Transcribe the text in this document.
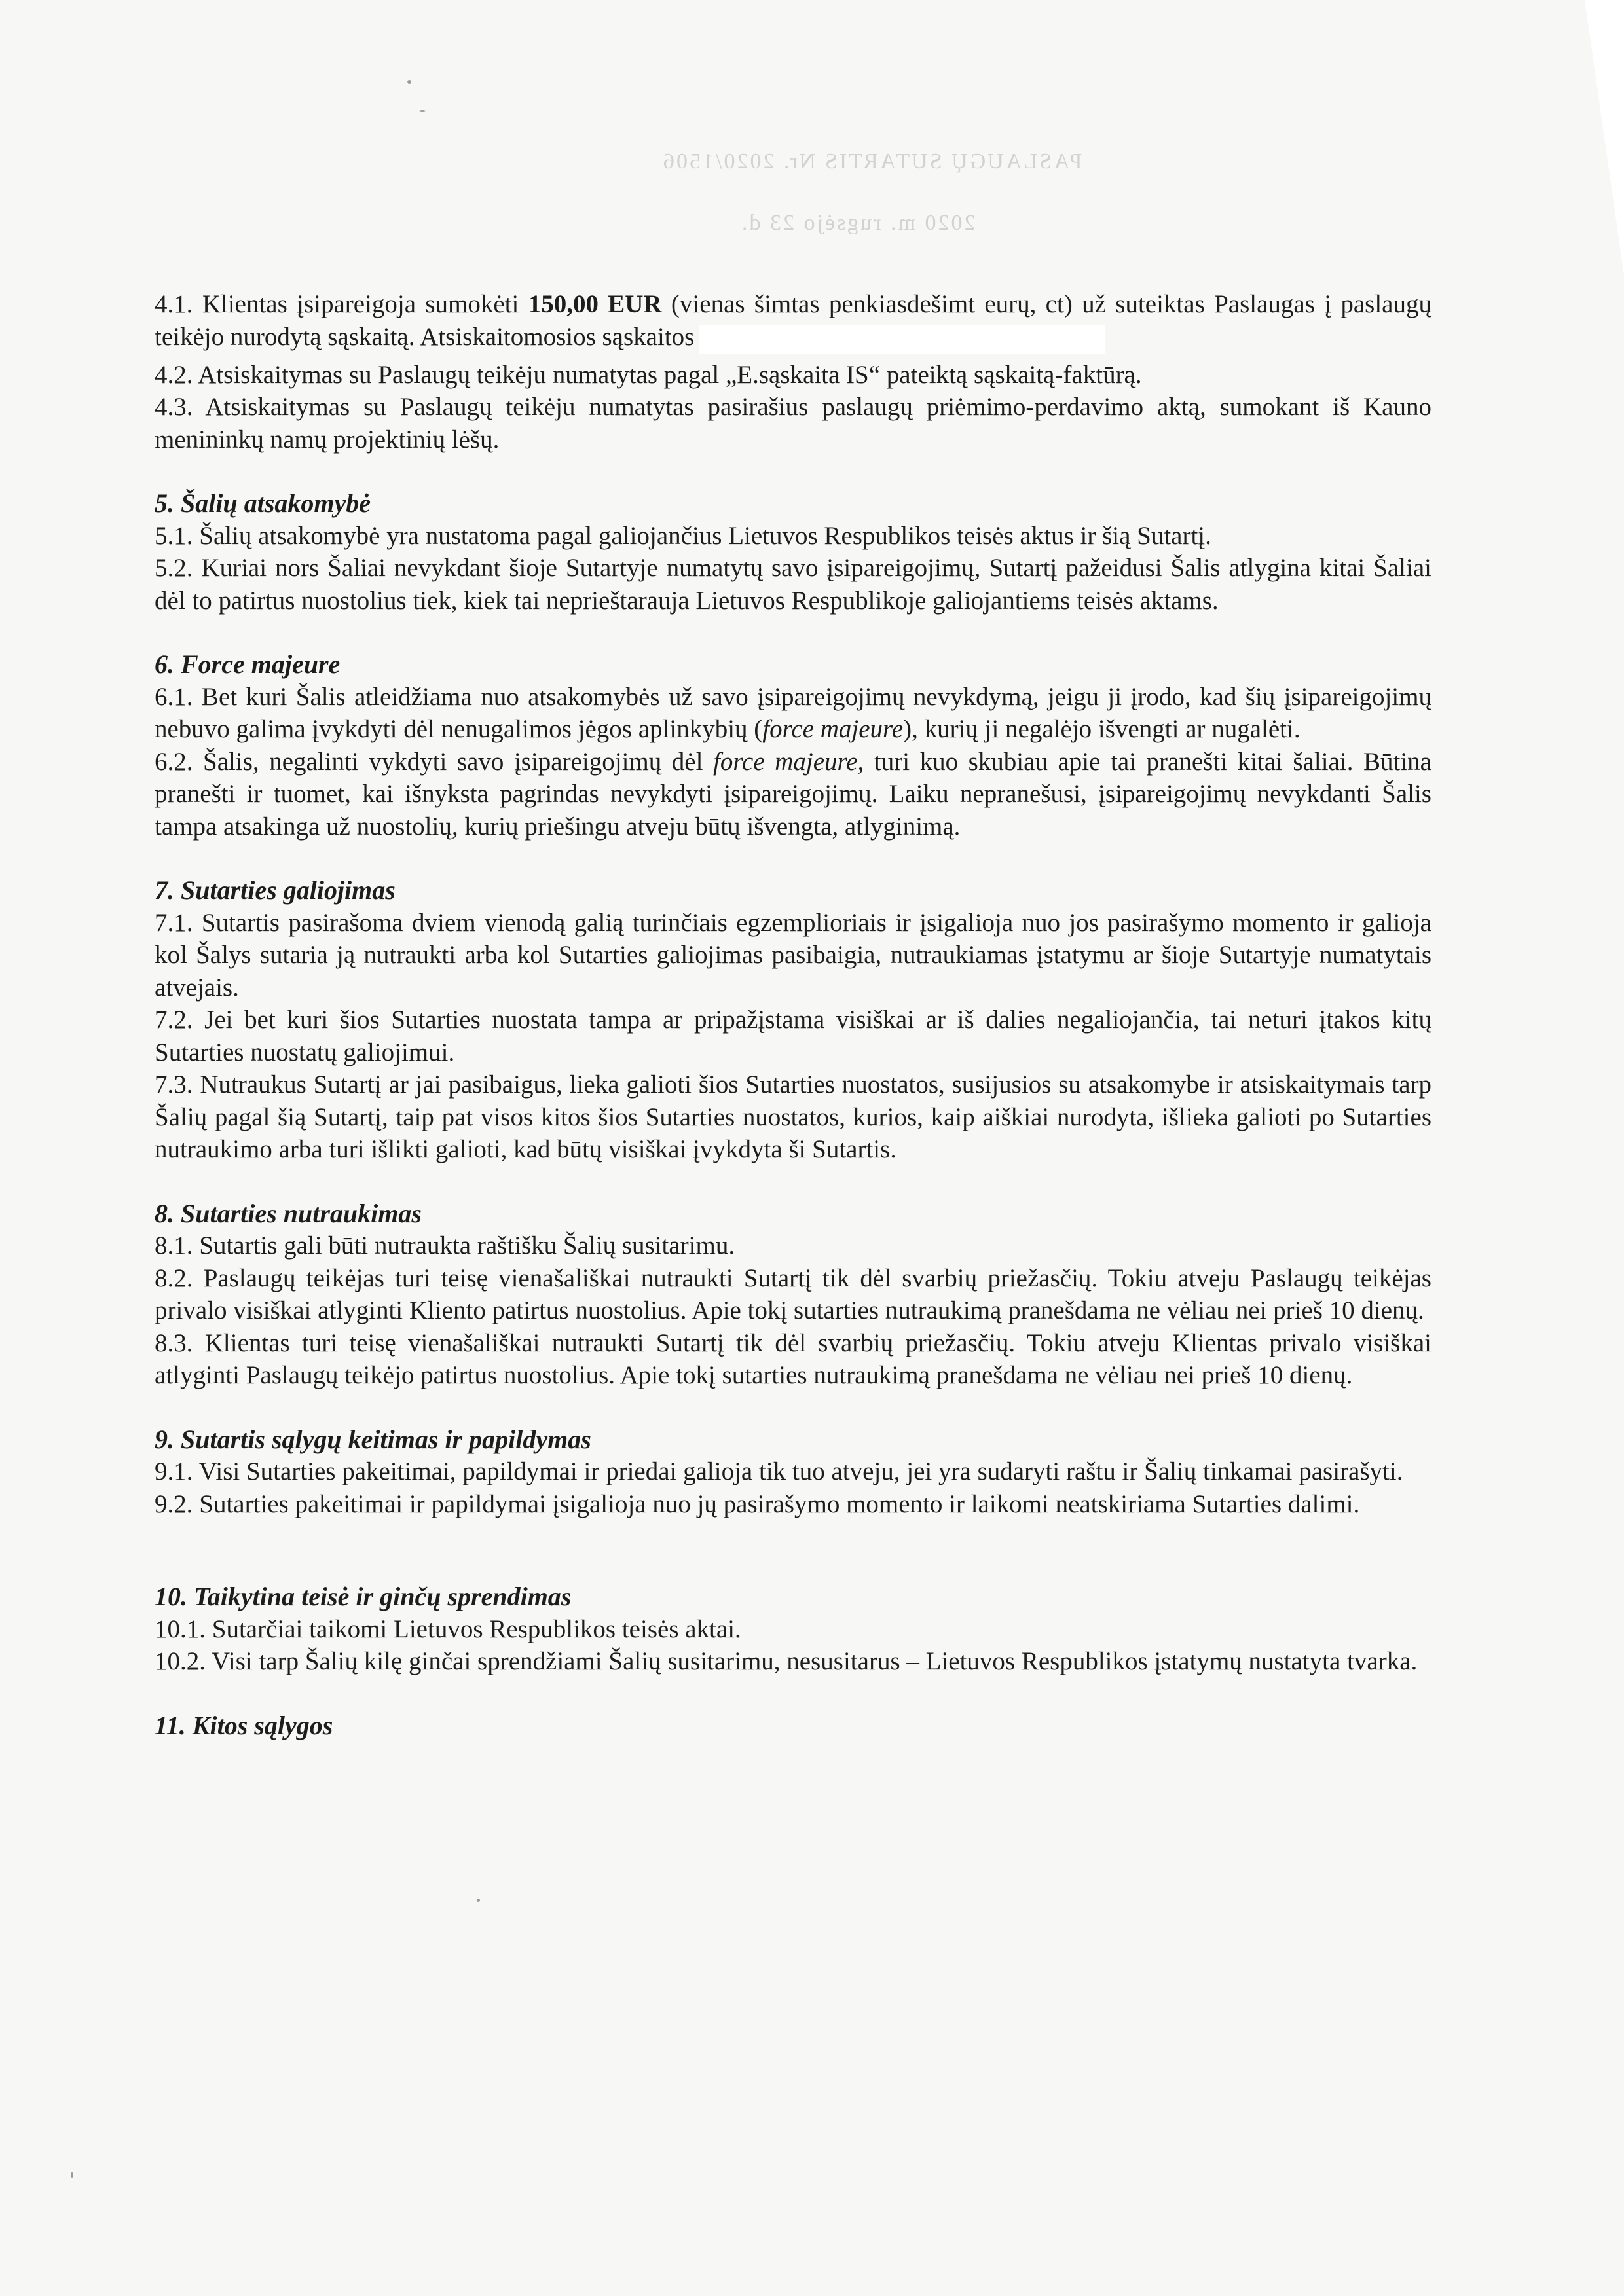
PASLAUGŲ SUTARTIS Nr. 2020/1506
2020 m. rugsėjo 23 d.

4.1. Klientas įsipareigoja sumokėti 150,00 EUR (vienas šimtas penkiasdešimt eurų, ct) už suteiktas Paslaugas į paslaugų teikėjo nurodytą sąskaitą. Atsiskaitomosios sąskaitos

4.2. Atsiskaitymas su Paslaugų teikėju numatytas pagal „E.sąskaita IS“ pateiktą sąskaitą-faktūrą.

4.3. Atsiskaitymas su Paslaugų teikėju numatytas pasirašius paslaugų priėmimo-perdavimo aktą, sumokant iš Kauno menininkų namų projektinių lėšų.

5. Šalių atsakomybė

5.1. Šalių atsakomybė yra nustatoma pagal galiojančius Lietuvos Respublikos teisės aktus ir šią Sutartį.

5.2. Kuriai nors Šaliai nevykdant šioje Sutartyje numatytų savo įsipareigojimų, Sutartį pažeidusi Šalis atlygina kitai Šaliai dėl to patirtus nuostolius tiek, kiek tai neprieštarauja Lietuvos Respublikoje galiojantiems teisės aktams.

6. Force majeure

6.1. Bet kuri Šalis atleidžiama nuo atsakomybės už savo įsipareigojimų nevykdymą, jeigu ji įrodo, kad šių įsipareigojimų nebuvo galima įvykdyti dėl nenugalimos jėgos aplinkybių (force majeure), kurių ji negalėjo išvengti ar nugalėti.

6.2. Šalis, negalinti vykdyti savo įsipareigojimų dėl force majeure, turi kuo skubiau apie tai pranešti kitai šaliai. Būtina pranešti ir tuomet, kai išnyksta pagrindas nevykdyti įsipareigojimų. Laiku nepranešusi, įsipareigojimų nevykdanti Šalis tampa atsakinga už nuostolių, kurių priešingu atveju būtų išvengta, atlyginimą.

7. Sutarties galiojimas

7.1. Sutartis pasirašoma dviem vienodą galią turinčiais egzemplioriais ir įsigalioja nuo jos pasirašymo momento ir galioja kol Šalys sutaria ją nutraukti arba kol Sutarties galiojimas pasibaigia, nutraukiamas įstatymu ar šioje Sutartyje numatytais atvejais.

7.2. Jei bet kuri šios Sutarties nuostata tampa ar pripažįstama visiškai ar iš dalies negaliojančia, tai neturi įtakos kitų Sutarties nuostatų galiojimui.

7.3. Nutraukus Sutartį ar jai pasibaigus, lieka galioti šios Sutarties nuostatos, susijusios su atsakomybe ir atsiskaitymais tarp Šalių pagal šią Sutartį, taip pat visos kitos šios Sutarties nuostatos, kurios, kaip aiškiai nurodyta, išlieka galioti po Sutarties nutraukimo arba turi išlikti galioti, kad būtų visiškai įvykdyta ši Sutartis.

8. Sutarties nutraukimas

8.1. Sutartis gali būti nutraukta raštišku Šalių susitarimu.

8.2. Paslaugų teikėjas turi teisę vienašališkai nutraukti Sutartį tik dėl svarbių priežasčių. Tokiu atveju Paslaugų teikėjas privalo visiškai atlyginti Kliento patirtus nuostolius. Apie tokį sutarties nutraukimą pranešdama ne vėliau nei prieš 10 dienų.

8.3. Klientas turi teisę vienašališkai nutraukti Sutartį tik dėl svarbių priežasčių. Tokiu atveju Klientas privalo visiškai atlyginti Paslaugų teikėjo patirtus nuostolius. Apie tokį sutarties nutraukimą pranešdama ne vėliau nei prieš 10 dienų.

9. Sutartis sąlygų keitimas ir papildymas

9.1. Visi Sutarties pakeitimai, papildymai ir priedai galioja tik tuo atveju, jei yra sudaryti raštu ir Šalių tinkamai pasirašyti.

9.2. Sutarties pakeitimai ir papildymai įsigalioja nuo jų pasirašymo momento ir laikomi neatskiriama Sutarties dalimi.

10. Taikytina teisė ir ginčų sprendimas

10.1. Sutarčiai taikomi Lietuvos Respublikos teisės aktai.

10.2. Visi tarp Šalių kilę ginčai sprendžiami Šalių susitarimu, nesusitarus – Lietuvos Respublikos įstatymų nustatyta tvarka.

11. Kitos sąlygos
